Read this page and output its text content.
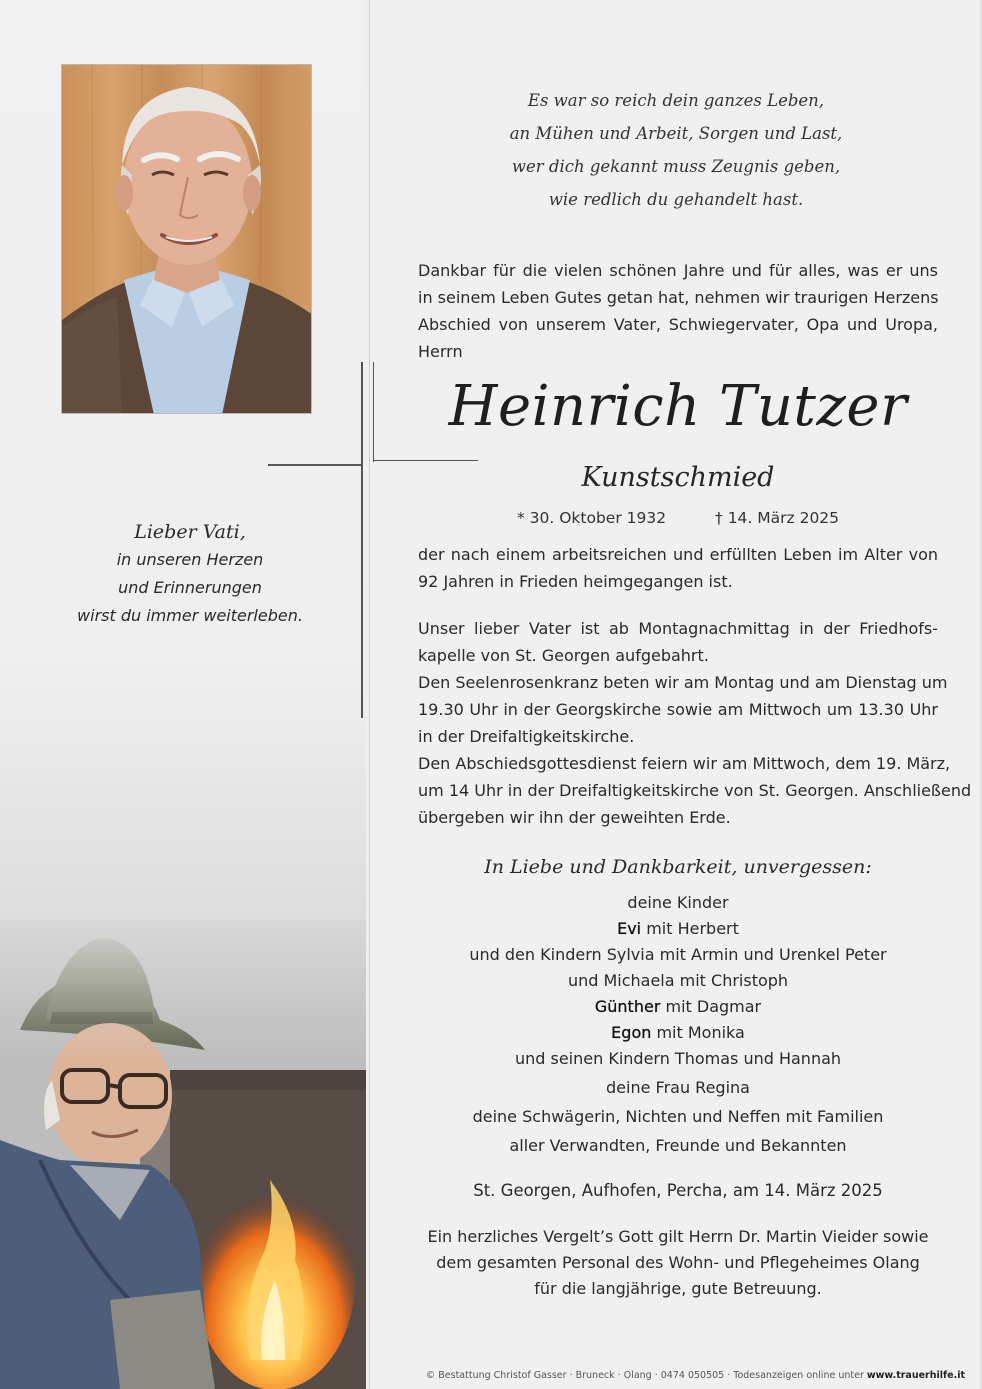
Es war so reich dein ganzes Leben,
an Mühen und Arbeit, Sorgen und Last,
wer dich gekannt muss Zeugnis geben,
wie redlich du gehandelt hast.
Dankbar für die vielen schönen Jahre und für alles, was er uns
in seinem Leben Gutes getan hat, nehmen wir traurigen Herzens
Abschied von unserem Vater, Schwiegervater, Opa und Uropa,
Herrn
Heinrich Tutzer
Kunstschmied
* 30. Oktober 1932	† 14. März 2025
der nach einem arbeitsreichen und erfüllten Leben im Alter von
92 Jahren in Frieden heimgegangen ist.
Unser lieber Vater ist ab Montagnachmittag in der Friedhofs-
kapelle von St. Georgen aufgebahrt.
Den Seelenrosenkranz beten wir am Montag und am Dienstag um
19.30 Uhr in der Georgskirche sowie am Mittwoch um 13.30 Uhr
in der Dreifaltigkeitskirche.
Den Abschiedsgottesdienst feiern wir am Mittwoch, dem 19. März,
um 14 Uhr in der Dreifaltigkeitskirche von St. Georgen. Anschließend
übergeben wir ihn der geweihten Erde.
In Liebe und Dankbarkeit, unvergessen:
deine Kinder
Evi mit Herbert
und den Kindern Sylvia mit Armin und Urenkel Peter
und Michaela mit Christoph
Günther mit Dagmar
Egon mit Monika
und seinen Kindern Thomas und Hannah
deine Frau Regina
deine Schwägerin, Nichten und Neffen mit Familien
aller Verwandten, Freunde und Bekannten
St. Georgen, Aufhofen, Percha, am 14. März 2025
Ein herzliches Vergelt’s Gott gilt Herrn Dr. Martin Vieider sowie
dem gesamten Personal des Wohn- und Pflegeheimes Olang
für die langjährige, gute Betreuung.
Lieber Vati,
in unseren Herzen
und Erinnerungen
wirst du immer weiterleben.
© Bestattung Christof Gasser · Bruneck · Olang · 0474 050505 · Todesanzeigen online unter www.trauerhilfe.it
